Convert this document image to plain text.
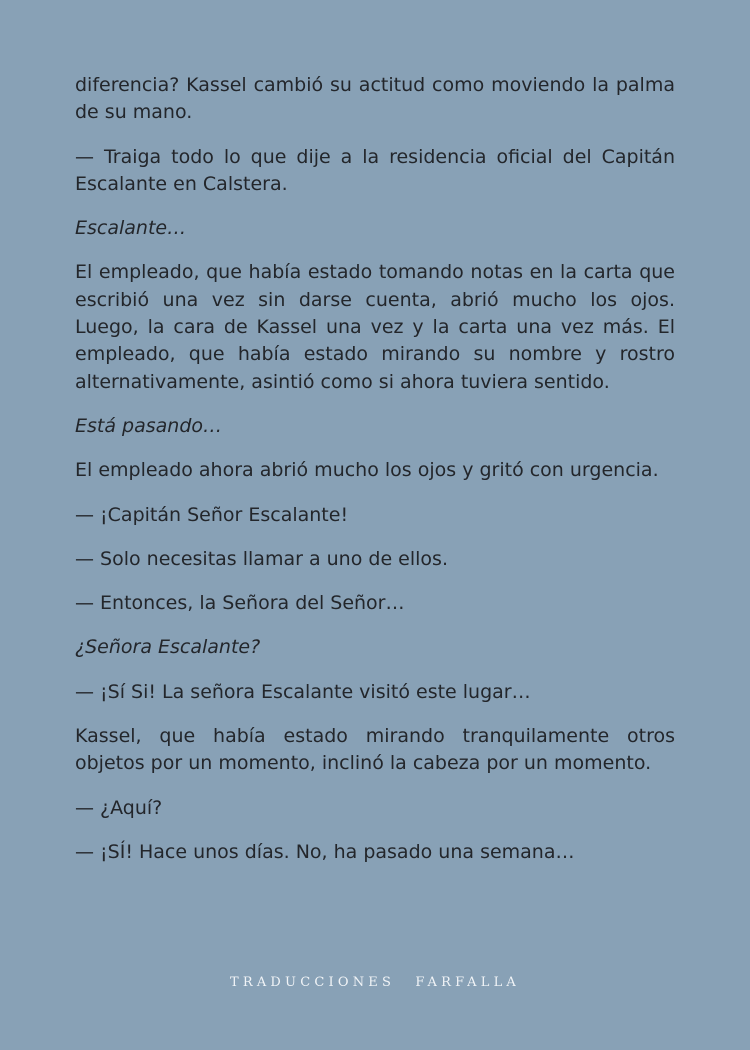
diferencia? Kassel cambió su actitud como moviendo la palma de su mano.

— Traiga todo lo que dije a la residencia oficial del Capitán Escalante en Calstera.

Escalante…

El empleado, que había estado tomando notas en la carta que escribió una vez sin darse cuenta, abrió mucho los ojos. Luego, la cara de Kassel una vez y la carta una vez más. El empleado, que había estado mirando su nombre y rostro alternativamente, asintió como si ahora tuviera sentido.

Está pasando…

El empleado ahora abrió mucho los ojos y gritó con urgencia.

— ¡Capitán Señor Escalante!

— Solo necesitas llamar a uno de ellos.

— Entonces, la Señora del Señor…

¿Señora Escalante?

— ¡Sí Si! La señora Escalante visitó este lugar…

Kassel, que había estado mirando tranquilamente otros objetos por un momento, inclinó la cabeza por un momento.

— ¿Aquí?

— ¡SÍ! Hace unos días. No, ha pasado una semana…

TRADUCCIONES FARFALLA
